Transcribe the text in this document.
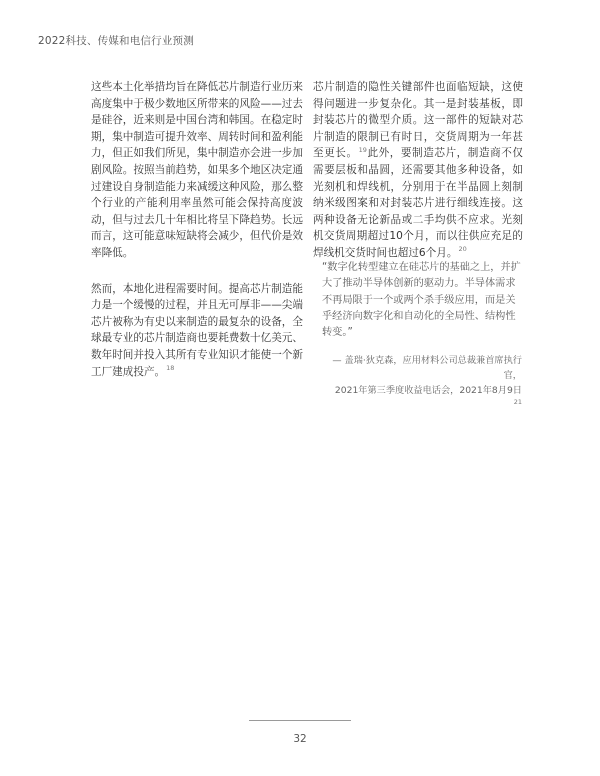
2022科技、传媒和电信行业预测

这些本土化举措均旨在降低芯片制造行业历来高度集中于极少数地区所带来的风险——过去是硅谷，近来则是中国台湾和韩国。在稳定时期，集中制造可提升效率、周转时间和盈利能力，但正如我们所见，集中制造亦会进一步加剧风险。按照当前趋势，如果多个地区决定通过建设自身制造能力来减缓这种风险，那么整个行业的产能利用率虽然可能会保持高度波动，但与过去几十年相比将呈下降趋势。长远而言，这可能意味短缺将会减少，但代价是效率降低。

然而，本地化进程需要时间。提高芯片制造能力是一个缓慢的过程，并且无可厚非——尖端芯片被称为有史以来制造的最复杂的设备，全球最专业的芯片制造商也要耗费数十亿美元、数年时间并投入其所有专业知识才能使一个新工厂建成投产。$^{18}$

芯片制造的隐性关键部件也面临短缺，这使得问题进一步复杂化。其一是封装基板，即封装芯片的微型介质。这一部件的短缺对芯片制造的限制已有时日，交货周期为一年甚至更长。$^{19}$此外，要制造芯片，制造商不仅需要层板和晶圆，还需要其他多种设备，如光刻机和焊线机，分别用于在半晶圆上刻制纳米级图案和对封装芯片进行细线连接。这两种设备无论新品或二手均供不应求。光刻机交货周期超过10个月，而以往供应充足的焊线机交货时间也超过6个月。$^{20}$

“数字化转型建立在硅芯片的基础之上，并扩大了推动半导体创新的驱动力。半导体需求不再局限于一个或两个杀手级应用，而是关乎经济向数字化和自动化的全局性、结构性转变。”

— 盖瑞·狄克森，应用材料公司总裁兼首席执行官，
2021年第三季度收益电话会，2021年8月9日
$^{21}$

32
